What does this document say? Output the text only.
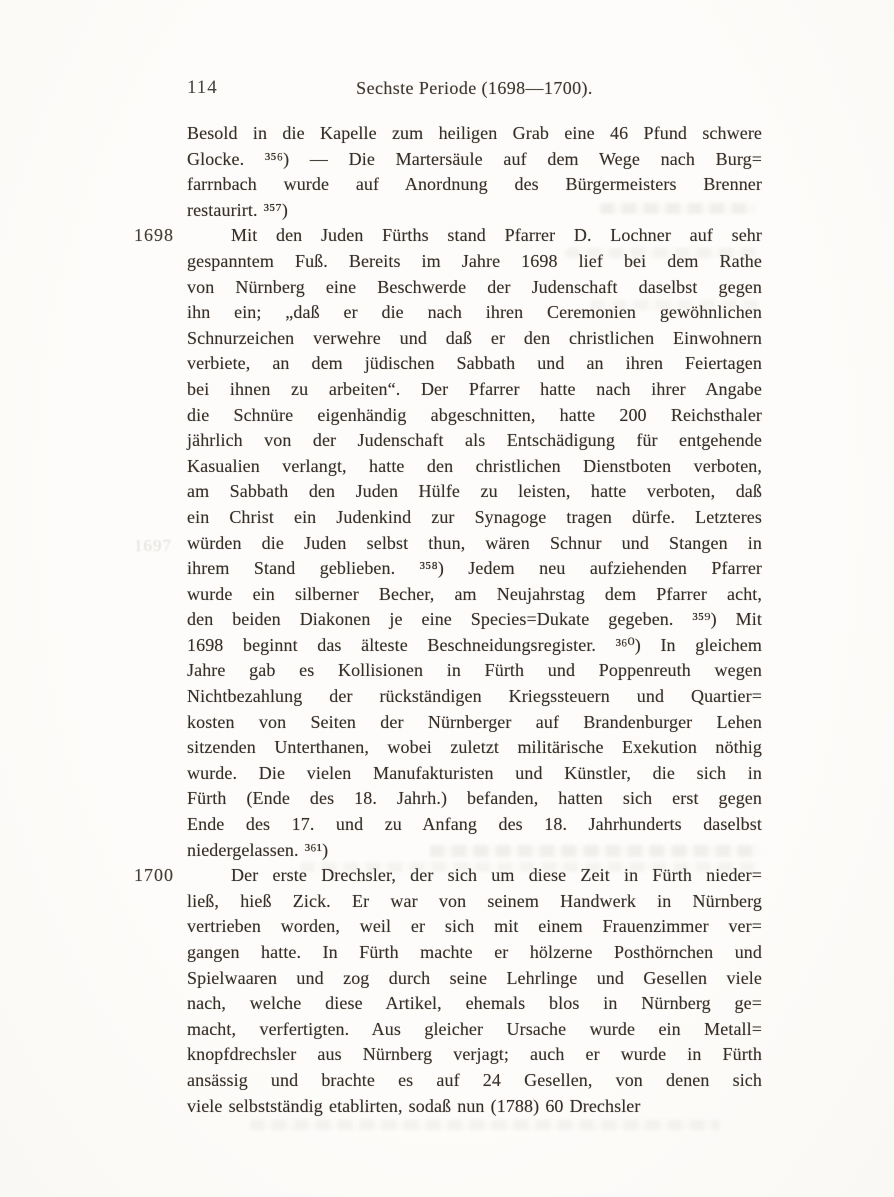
114	Sechste Periode (1698—1700).
Besold in die Kapelle zum heiligen Grab eine 46 Pfund schwere
Glocke. ³⁵⁶) — Die Martersäule auf dem Wege nach Burg=
farrnbach wurde auf Anordnung des Bürgermeisters Brenner
restaurirt. ³⁵⁷)
1698	Mit den Juden Fürths stand Pfarrer D. Lochner auf sehr
gespanntem Fuß. Bereits im Jahre 1698 lief bei dem Rathe
von Nürnberg eine Beschwerde der Judenschaft daselbst gegen
ihn ein; „daß er die nach ihren Ceremonien gewöhnlichen
Schnurzeichen verwehre und daß er den christlichen Einwohnern
verbiete, an dem jüdischen Sabbath und an ihren Feiertagen
bei ihnen zu arbeiten“. Der Pfarrer hatte nach ihrer Angabe
die Schnüre eigenhändig abgeschnitten, hatte 200 Reichsthaler
jährlich von der Judenschaft als Entschädigung für entgehende
Kasualien verlangt, hatte den christlichen Dienstboten verboten,
am Sabbath den Juden Hülfe zu leisten, hatte verboten, daß
ein Christ ein Judenkind zur Synagoge tragen dürfe. Letzteres
würden die Juden selbst thun, wären Schnur und Stangen in
ihrem Stand geblieben. ³⁵⁸) Jedem neu aufziehenden Pfarrer
wurde ein silberner Becher, am Neujahrstag dem Pfarrer acht,
den beiden Diakonen je eine Species=Dukate gegeben. ³⁵⁹) Mit
1698 beginnt das älteste Beschneidungsregister. ³⁶⁰) In gleichem
Jahre gab es Kollisionen in Fürth und Poppenreuth wegen
Nichtbezahlung der rückständigen Kriegssteuern und Quartier=
kosten von Seiten der Nürnberger auf Brandenburger Lehen
sitzenden Unterthanen, wobei zuletzt militärische Exekution nöthig
wurde. Die vielen Manufakturisten und Künstler, die sich in
Fürth (Ende des 18. Jahrh.) befanden, hatten sich erst gegen
Ende des 17. und zu Anfang des 18. Jahrhunderts daselbst
niedergelassen. ³⁶¹)
1700	Der erste Drechsler, der sich um diese Zeit in Fürth nieder=
ließ, hieß Zick. Er war von seinem Handwerk in Nürnberg
vertrieben worden, weil er sich mit einem Frauenzimmer ver=
gangen hatte. In Fürth machte er hölzerne Posthörnchen und
Spielwaaren und zog durch seine Lehrlinge und Gesellen viele
nach, welche diese Artikel, ehemals blos in Nürnberg ge=
macht, verfertigten. Aus gleicher Ursache wurde ein Metall=
knopfdrechsler aus Nürnberg verjagt; auch er wurde in Fürth
ansässig und brachte es auf 24 Gesellen, von denen sich
viele selbstständig etablirten, sodaß nun (1788) 60 Drechsler
1697
